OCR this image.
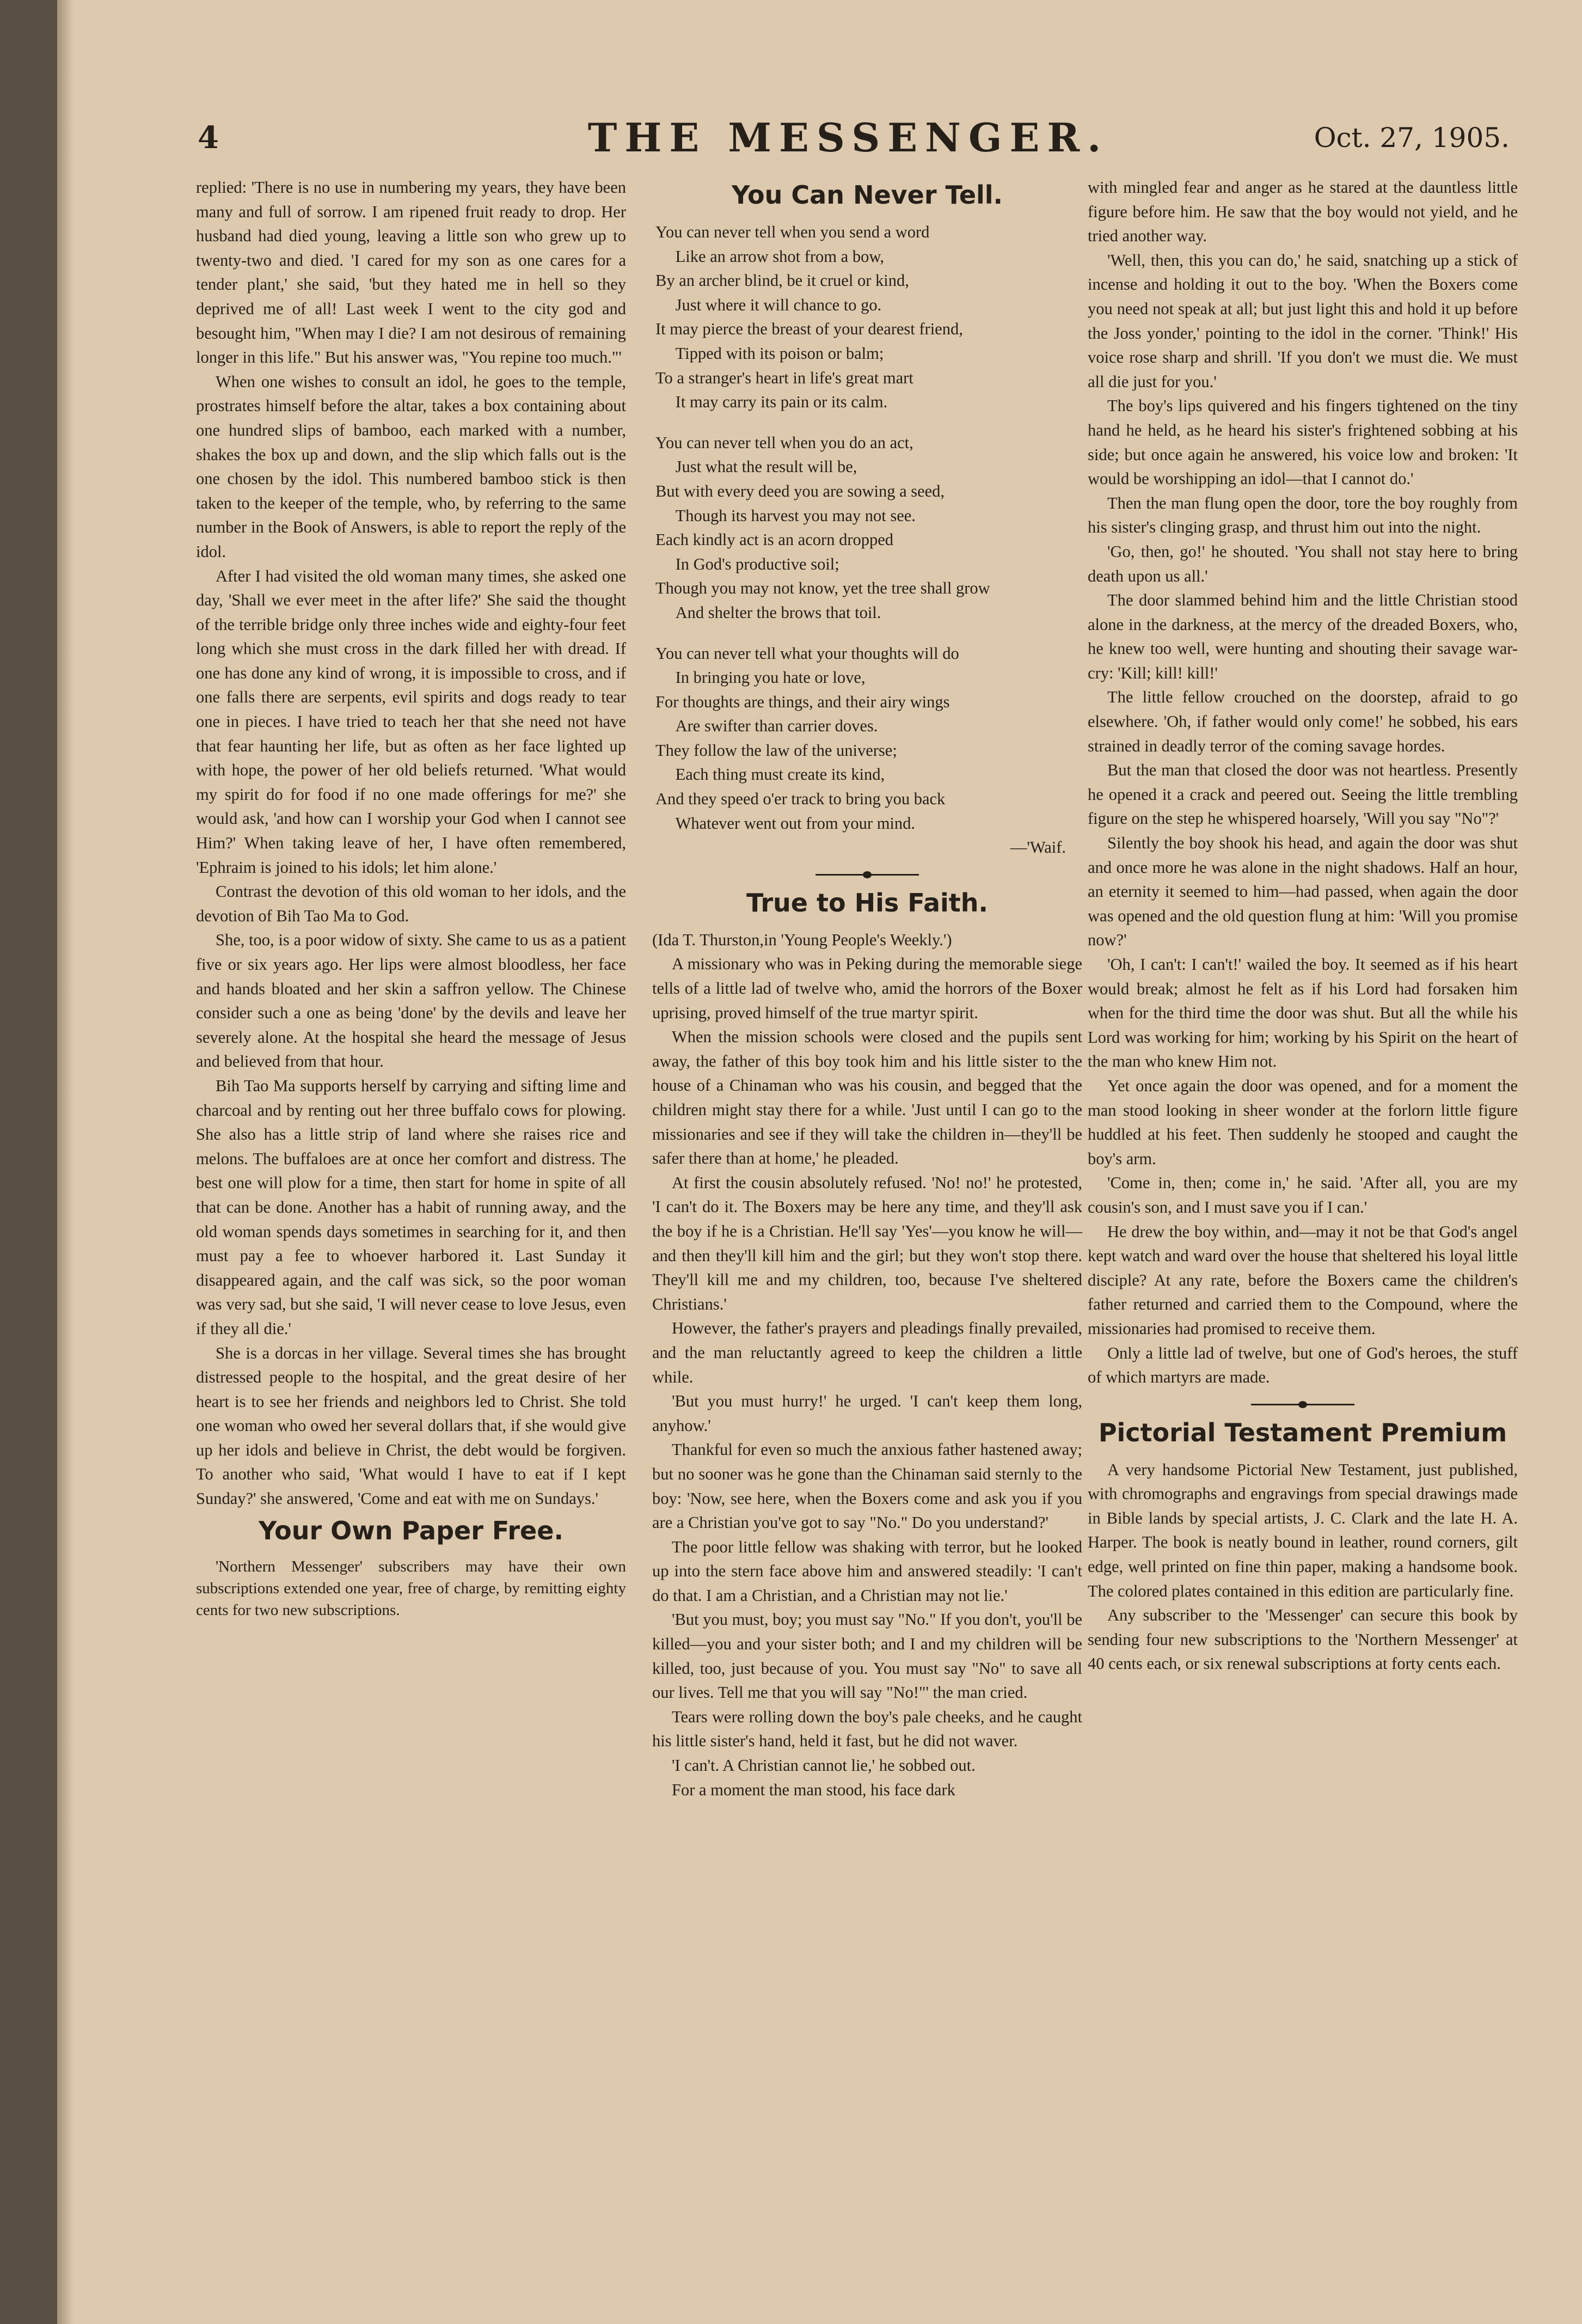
4	THE MESSENGER.	Oct. 27, 1905.

replied: 'There is no use in numbering my years, they have been many and full of sorrow. I am ripened fruit ready to drop. Her husband had died young, leaving a little son who grew up to twenty-two and died. 'I cared for my son as one cares for a tender plant,' she said, 'but they hated me in hell so they deprived me of all! Last week I went to the city god and besought him, "When may I die? I am not desirous of remaining longer in this life." But his answer was, "You repine too much."'

When one wishes to consult an idol, he goes to the temple, prostrates himself before the altar, takes a box containing about one hundred slips of bamboo, each marked with a number, shakes the box up and down, and the slip which falls out is the one chosen by the idol. This numbered bamboo stick is then taken to the keeper of the temple, who, by referring to the same number in the Book of Answers, is able to report the reply of the idol.

After I had visited the old woman many times, she asked one day, 'Shall we ever meet in the after life?' She said the thought of the terrible bridge only three inches wide and eighty-four feet long which she must cross in the dark filled her with dread. If one has done any kind of wrong, it is impossible to cross, and if one falls there are serpents, evil spirits and dogs ready to tear one in pieces. I have tried to teach her that she need not have that fear haunting her life, but as often as her face lighted up with hope, the power of her old beliefs returned. 'What would my spirit do for food if no one made offerings for me?' she would ask, 'and how can I worship your God when I cannot see Him?' When taking leave of her, I have often remembered, 'Ephraim is joined to his idols; let him alone.'

Contrast the devotion of this old woman to her idols, and the devotion of Bih Tao Ma to God.

She, too, is a poor widow of sixty. She came to us as a patient five or six years ago. Her lips were almost bloodless, her face and hands bloated and her skin a saffron yellow. The Chinese consider such a one as being 'done' by the devils and leave her severely alone. At the hospital she heard the message of Jesus and believed from that hour.

Bih Tao Ma supports herself by carrying and sifting lime and charcoal and by renting out her three buffalo cows for plowing. She also has a little strip of land where she raises rice and melons. The buffaloes are at once her comfort and distress. The best one will plow for a time, then start for home in spite of all that can be done. Another has a habit of running away, and the old woman spends days sometimes in searching for it, and then must pay a fee to whoever harbored it. Last Sunday it disappeared again, and the calf was sick, so the poor woman was very sad, but she said, 'I will never cease to love Jesus, even if they all die.'

She is a dorcas in her village. Several times she has brought distressed people to the hospital, and the great desire of her heart is to see her friends and neighbors led to Christ. She told one woman who owed her several dollars that, if she would give up her idols and believe in Christ, the debt would be forgiven. To another who said, 'What would I have to eat if I kept Sunday?' she answered, 'Come and eat with me on Sundays.'

Your Own Paper Free.

'Northern Messenger' subscribers may have their own subscriptions extended one year, free of charge, by remitting eighty cents for two new subscriptions.

You Can Never Tell.
You can never tell when you send a word
Like an arrow shot from a bow,
By an archer blind, be it cruel or kind,
Just where it will chance to go.
It may pierce the breast of your dearest friend,
Tipped with its poison or balm;
To a stranger's heart in life's great mart
It may carry its pain or its calm.
You can never tell when you do an act,
Just what the result will be,
But with every deed you are sowing a seed,
Though its harvest you may not see.
Each kindly act is an acorn dropped
In God's productive soil;
Though you may not know, yet the tree shall grow
And shelter the brows that toil.
You can never tell what your thoughts will do
In bringing you hate or love,
For thoughts are things, and their airy wings
Are swifter than carrier doves.
They follow the law of the universe;
Each thing must create its kind,
And they speed o'er track to bring you back
Whatever went out from your mind.
—'Waif.
True to His Faith.

(Ida T. Thurston,in 'Young People's Weekly.')

A missionary who was in Peking during the memorable siege tells of a little lad of twelve who, amid the horrors of the Boxer uprising, proved himself of the true martyr spirit.

When the mission schools were closed and the pupils sent away, the father of this boy took him and his little sister to the house of a Chinaman who was his cousin, and begged that the children might stay there for a while. 'Just until I can go to the missionaries and see if they will take the children in—they'll be safer there than at home,' he pleaded.

At first the cousin absolutely refused. 'No! no!' he protested, 'I can't do it. The Boxers may be here any time, and they'll ask the boy if he is a Christian. He'll say 'Yes'—you know he will—and then they'll kill him and the girl; but they won't stop there. They'll kill me and my children, too, because I've sheltered Christians.'

However, the father's prayers and pleadings finally prevailed, and the man reluctantly agreed to keep the children a little while.

'But you must hurry!' he urged. 'I can't keep them long, anyhow.'

Thankful for even so much the anxious father hastened away; but no sooner was he gone than the Chinaman said sternly to the boy: 'Now, see here, when the Boxers come and ask you if you are a Christian you've got to say "No." Do you understand?'

The poor little fellow was shaking with terror, but he looked up into the stern face above him and answered steadily: 'I can't do that. I am a Christian, and a Christian may not lie.'

'But you must, boy; you must say "No." If you don't, you'll be killed—you and your sister both; and I and my children will be killed, too, just because of you. You must say "No" to save all our lives. Tell me that you will say "No!"' the man cried.

Tears were rolling down the boy's pale cheeks, and he caught his little sister's hand, held it fast, but he did not waver.

'I can't. A Christian cannot lie,' he sobbed out.

For a moment the man stood, his face dark

with mingled fear and anger as he stared at the dauntless little figure before him. He saw that the boy would not yield, and he tried another way.

'Well, then, this you can do,' he said, snatching up a stick of incense and holding it out to the boy. 'When the Boxers come you need not speak at all; but just light this and hold it up before the Joss yonder,' pointing to the idol in the corner. 'Think!' His voice rose sharp and shrill. 'If you don't we must die. We must all die just for you.'

The boy's lips quivered and his fingers tightened on the tiny hand he held, as he heard his sister's frightened sobbing at his side; but once again he answered, his voice low and broken: 'It would be worshipping an idol—that I cannot do.'

Then the man flung open the door, tore the boy roughly from his sister's clinging grasp, and thrust him out into the night.

'Go, then, go!' he shouted. 'You shall not stay here to bring death upon us all.'

The door slammed behind him and the little Christian stood alone in the darkness, at the mercy of the dreaded Boxers, who, he knew too well, were hunting and shouting their savage war-cry: 'Kill; kill! kill!'

The little fellow crouched on the doorstep, afraid to go elsewhere. 'Oh, if father would only come!' he sobbed, his ears strained in deadly terror of the coming savage hordes.

But the man that closed the door was not heartless. Presently he opened it a crack and peered out. Seeing the little trembling figure on the step he whispered hoarsely, 'Will you say "No"?'

Silently the boy shook his head, and again the door was shut and once more he was alone in the night shadows. Half an hour, an eternity it seemed to him—had passed, when again the door was opened and the old question flung at him: 'Will you promise now?'

'Oh, I can't: I can't!' wailed the boy. It seemed as if his heart would break; almost he felt as if his Lord had forsaken him when for the third time the door was shut. But all the while his Lord was working for him; working by his Spirit on the heart of the man who knew Him not.

Yet once again the door was opened, and for a moment the man stood looking in sheer wonder at the forlorn little figure huddled at his feet. Then suddenly he stooped and caught the boy's arm.

'Come in, then; come in,' he said. 'After all, you are my cousin's son, and I must save you if I can.'

He drew the boy within, and—may it not be that God's angel kept watch and ward over the house that sheltered his loyal little disciple? At any rate, before the Boxers came the children's father returned and carried them to the Compound, where the missionaries had promised to receive them.

Only a little lad of twelve, but one of God's heroes, the stuff of which martyrs are made.

Pictorial Testament Premium

A very handsome Pictorial New Testament, just published, with chromographs and engravings from special drawings made in Bible lands by special artists, J. C. Clark and the late H. A. Harper. The book is neatly bound in leather, round corners, gilt edge, well printed on fine thin paper, making a handsome book. The colored plates contained in this edition are particularly fine.

Any subscriber to the 'Messenger' can secure this book by sending four new subscriptions to the 'Northern Messenger' at 40 cents each, or six renewal subscriptions at forty cents each.
